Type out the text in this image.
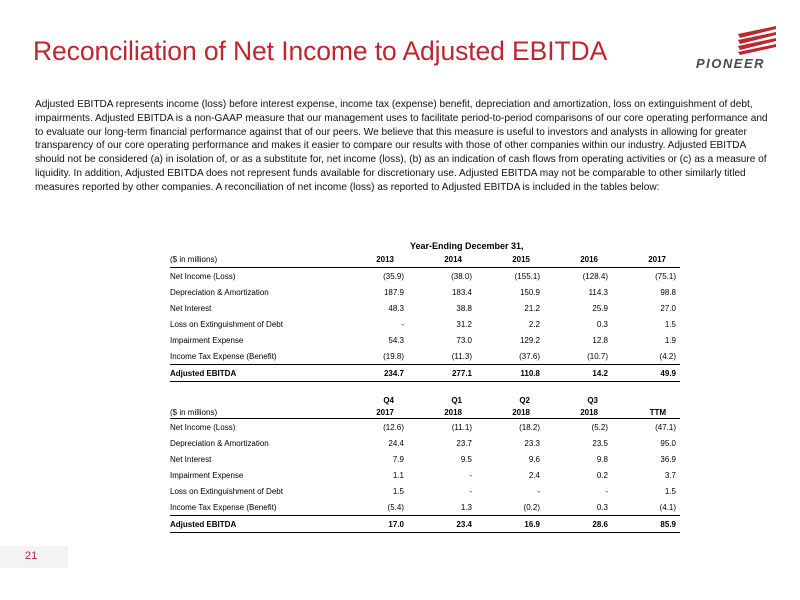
Reconciliation of Net Income to Adjusted EBITDA	PIONEER
Adjusted EBITDA represents income (loss) before interest expense, income tax (expense) benefit, depreciation and amortization, loss on extinguishment of debt, impairments. Adjusted EBITDA is a non-GAAP measure that our management uses to facilitate period-to-period comparisons of our core operating performance and to evaluate our long-term financial performance against that of our peers. We believe that this measure is useful to investors and analysts in allowing for greater transparency of our core operating performance and makes it easier to compare our results with those of other companies within our industry. Adjusted EBITDA should not be considered (a) in isolation of, or as a substitute for, net income (loss), (b) as an indication of cash flows from operating activities or (c) as a measure of liquidity. In addition, Adjusted EBITDA does not represent funds available for discretionary use. Adjusted EBITDA may not be comparable to other similarly titled measures reported by other companies. A reconciliation of net income (loss) as reported to Adjusted EBITDA is included in the tables below:
Year-Ending December 31,
($ in millions)	2013	2014	2015	2016	2017
Net Income (Loss)	(35.9)	(38.0)	(155.1)	(128.4)	(75.1)
Depreciation & Amortization	187.9	183.4	150.9	114.3	98.8
Net Interest	48.3	38.8	21.2	25.9	27.0
Loss on Extinguishment of Debt	-	31.2	2.2	0.3	1.5
Impairment Expense	54.3	73.0	129.2	12.8	1.9
Income Tax Expense (Benefit)	(19.8)	(11.3)	(37.6)	(10.7)	(4.2)
Adjusted EBITDA	234.7	277.1	110.8	14.2	49.9
	Q4	Q1	Q2	Q3	
($ in millions)	2017	2018	2018	2018	TTM
Net Income (Loss)	(12.6)	(11.1)	(18.2)	(5.2)	(47.1)
Depreciation & Amortization	24.4	23.7	23.3	23.5	95.0
Net Interest	7.9	9.5	9.6	9.8	36.9
Impairment Expense	1.1	-	2.4	0.2	3.7
Loss on Extinguishment of Debt	1.5	-	-	-	1.5
Income Tax Expense (Benefit)	(5.4)	1.3	(0.2)	0.3	(4.1)
Adjusted EBITDA	17.0	23.4	16.9	28.6	85.9
21
